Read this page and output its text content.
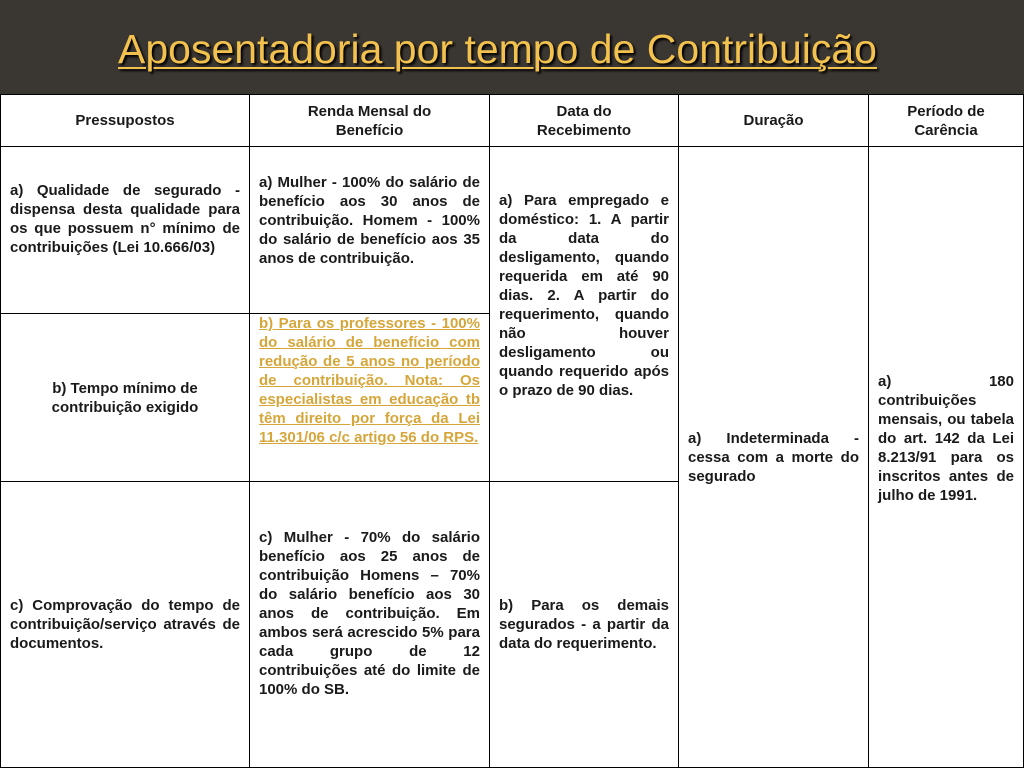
Aposentadoria por tempo de Contribuição
Pressupostos
Renda Mensal do Benefício
Data do Recebimento
Duração
Período de Carência
a) Qualidade de segurado - dispensa desta qualidade para os que possuem n° mínimo de contribuições (Lei 10.666/03)
b) Tempo mínimo de contribuição exigido
c) Comprovação do tempo de contribuição/serviço através de documentos.
a) Mulher - 100% do salário de benefício aos 30 anos de contribuição. Homem - 100% do salário de benefício aos 35 anos de contribuição.
b) Para os professores - 100% do salário de benefício com redução de 5 anos no período de contribuição. Nota: Os especialistas em educação tb têm direito por força da Lei 11.301/06 c/c artigo 56 do RPS.
c) Mulher - 70% do salário benefício aos 25 anos de contribuição Homens – 70% do salário benefício aos 30 anos de contribuição. Em ambos será acrescido 5% para cada grupo de 12 contribuições até do limite de 100% do SB.
a) Para empregado e doméstico: 1. A partir da data do desligamento, quando requerida em até 90 dias. 2. A partir do requerimento, quando não houver desligamento ou quando requerido após o prazo de 90 dias.
b) Para os demais segurados - a partir da data do requerimento.
a) Indeterminada - cessa com a morte do segurado
a) 180 contribuições mensais, ou tabela do art. 142 da Lei 8.213/91 para os inscritos antes de julho de 1991.
